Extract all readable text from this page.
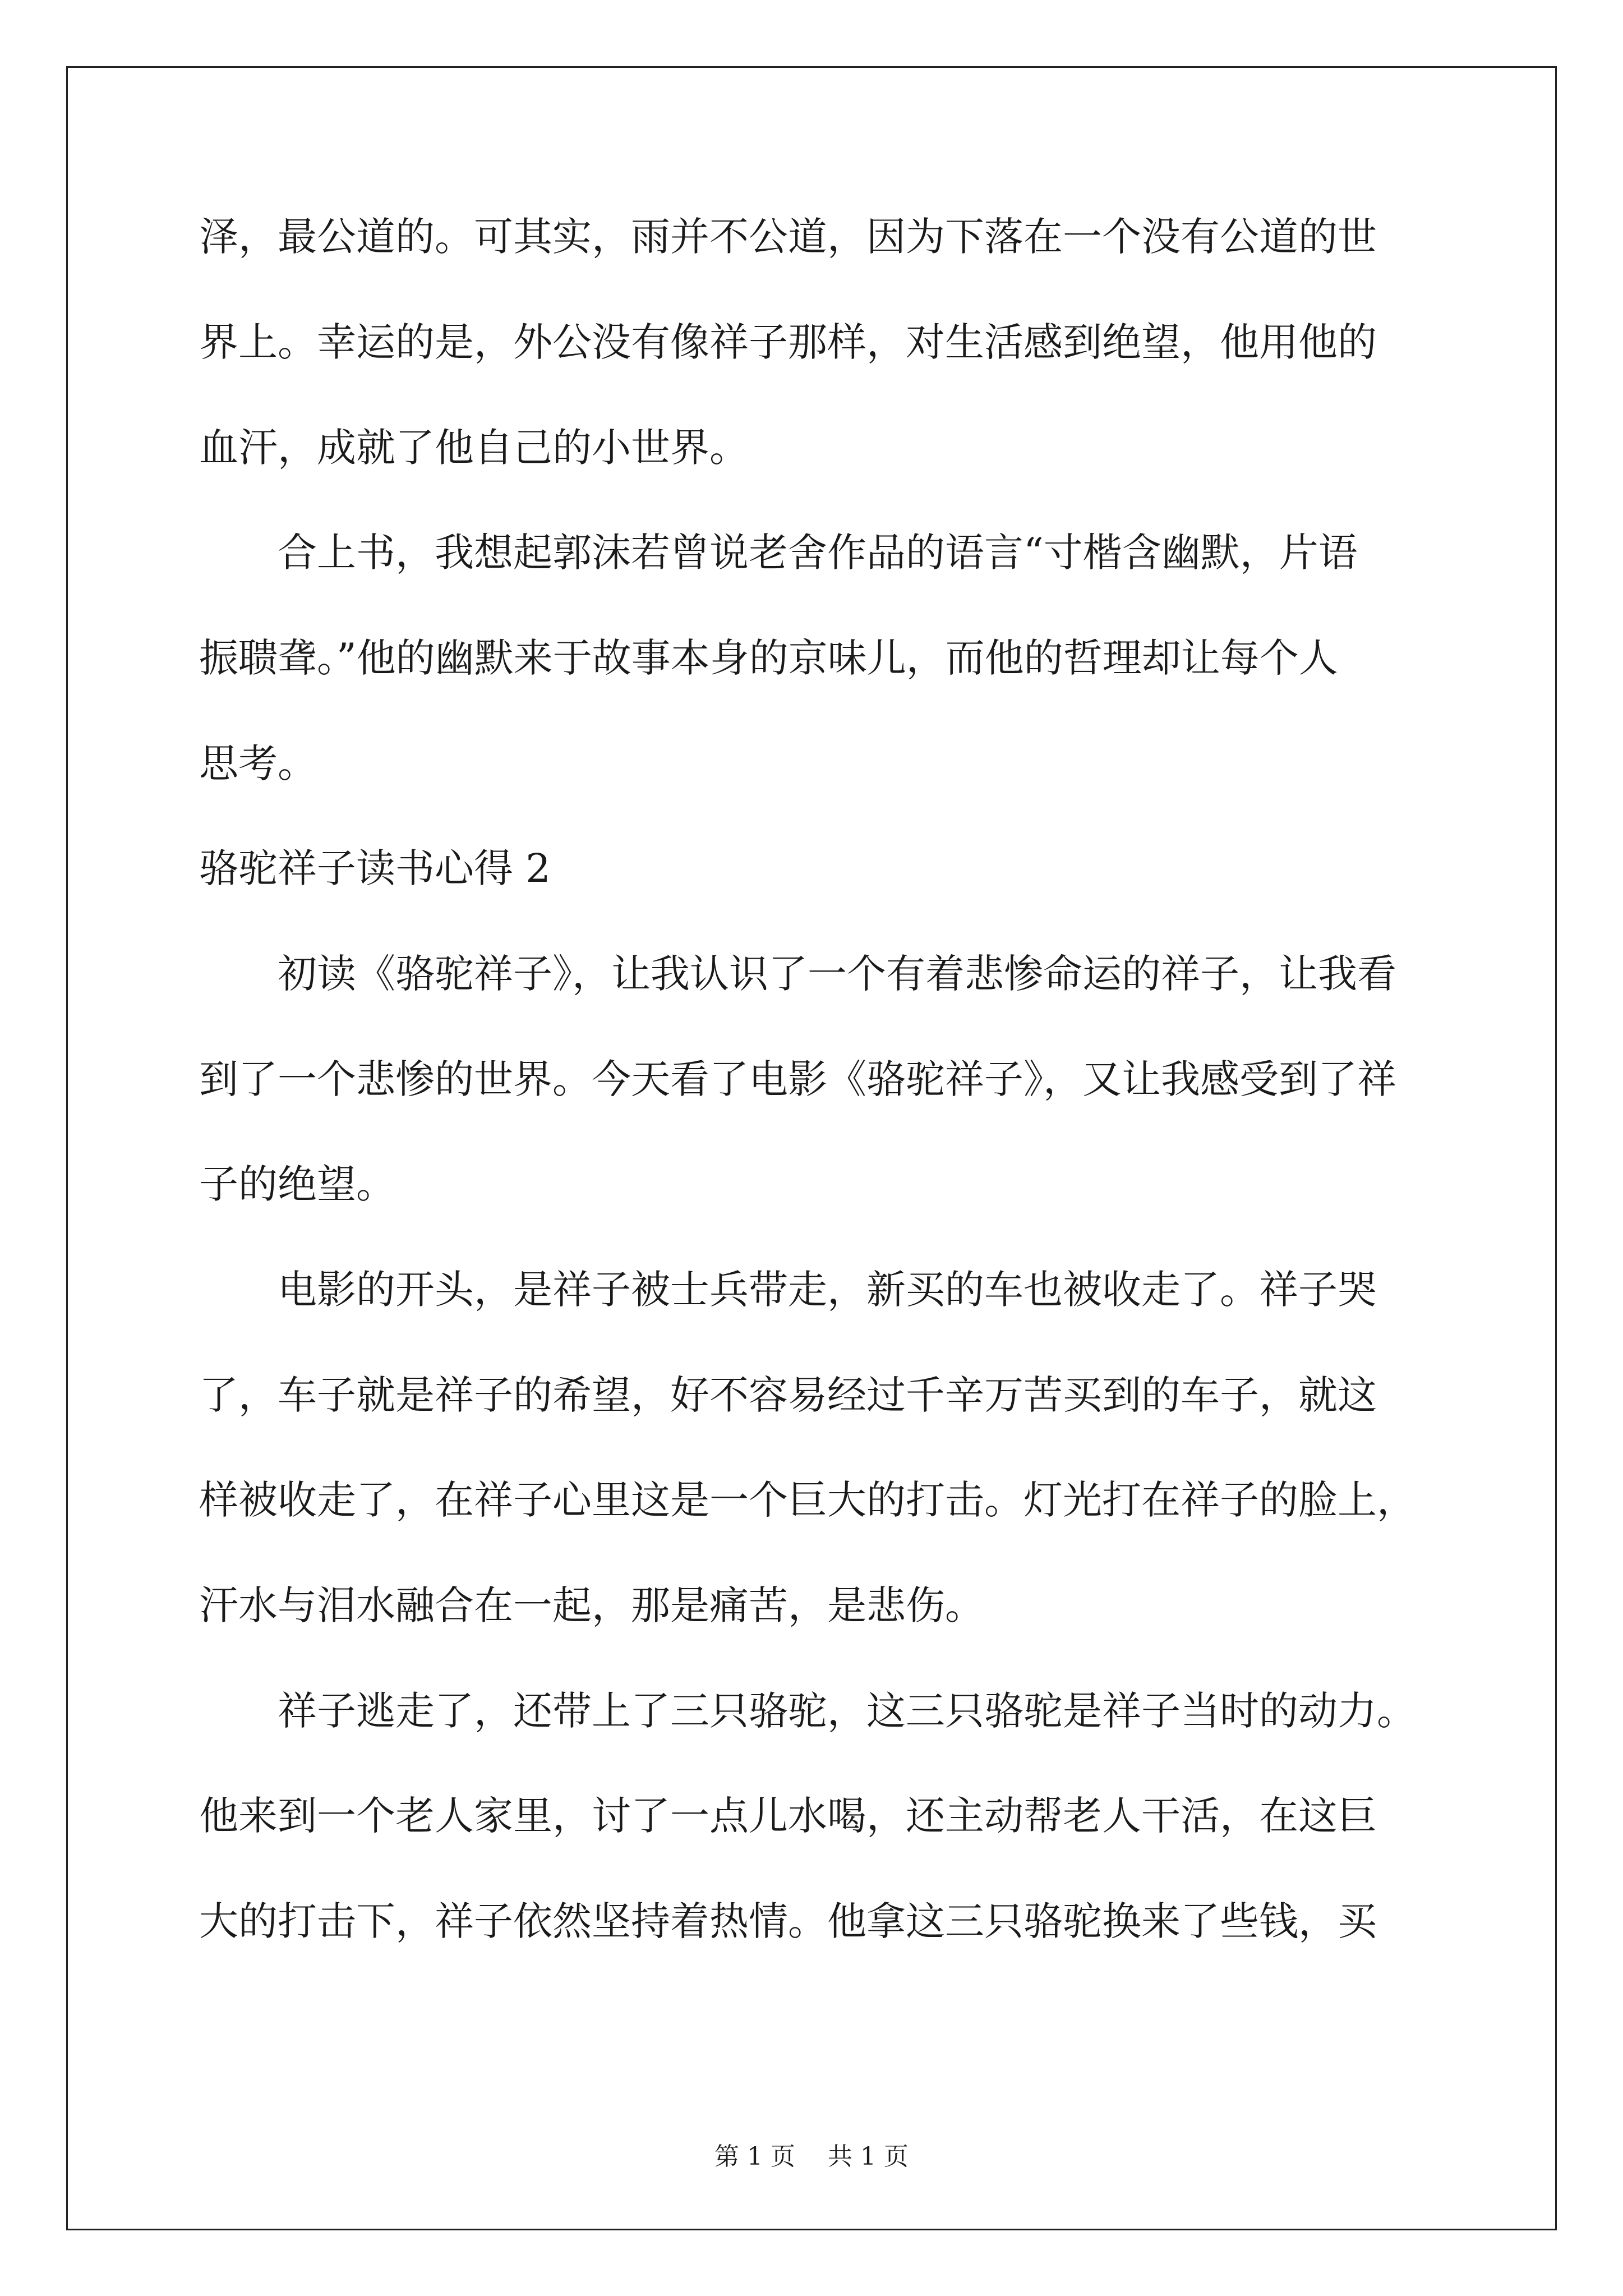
泽，最公道的。可其实，雨并不公道，因为下落在一个没有公道的世
界上。幸运的是，外公没有像祥子那样，对生活感到绝望，他用他的
血汗，成就了他自己的小世界。
　　合上书，我想起郭沫若曾说老舍作品的语言“寸楷含幽默，片语
振聩聋。”他的幽默来于故事本身的京味儿，而他的哲理却让每个人
思考。
骆驼祥子读书心得 2
　　初读《骆驼祥子》，让我认识了一个有着悲惨命运的祥子，让我看
到了一个悲惨的世界。今天看了电影《骆驼祥子》，又让我感受到了祥
子的绝望。
　　电影的开头，是祥子被士兵带走，新买的车也被收走了。祥子哭
了，车子就是祥子的希望，好不容易经过千辛万苦买到的车子，就这
样被收走了，在祥子心里这是一个巨大的打击。灯光打在祥子的脸上，
汗水与泪水融合在一起，那是痛苦，是悲伤。
　　祥子逃走了，还带上了三只骆驼，这三只骆驼是祥子当时的动力。
他来到一个老人家里，讨了一点儿水喝，还主动帮老人干活，在这巨
大的打击下，祥子依然坚持着热情。他拿这三只骆驼换来了些钱，买
第 1 页　 共 1 页
